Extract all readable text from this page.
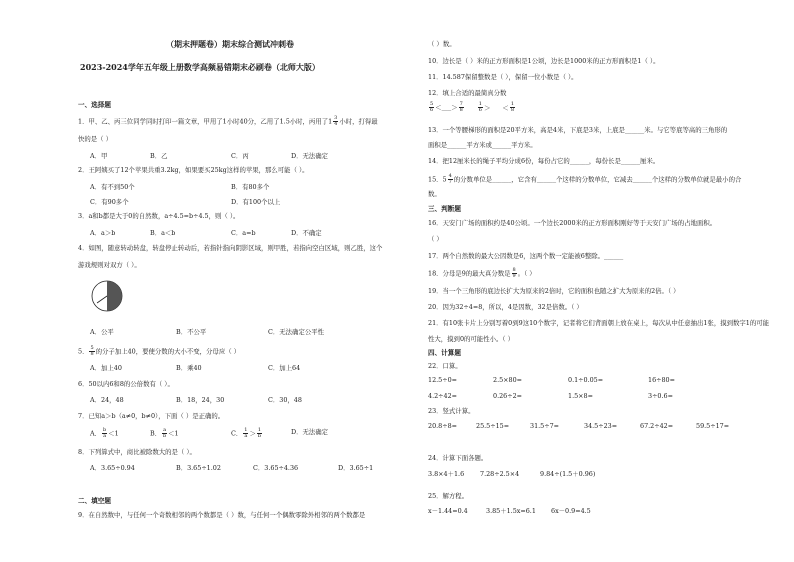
（期末押题卷）期末综合测试冲刺卷
2023-2024学年五年级上册数学高频易错期末必刷卷（北师大版）
一、选择题
1．甲、乙、丙三位同学同时打印一篇文章，甲用了1小时40分，乙用了1.5小时，丙用了$1 \frac{3}{4}$ 小时，打得最
快的是（ ）
A．甲	B．乙	C．丙	D．无法确定
2．王阿姨买了12个苹果共重3.2kg，如果要买25kg这样的苹果，那么可能（ ）。
A．有不到50个	B．有80多个
C．有90多个	D．有100个以上
3．a和b都是大于0的自然数，a÷4.5=b÷4.5，则（ ）。
A．a＞b	B．a＜b	C．a=b	D．不确定
4．如图，随意转动转盘，转盘停止转动后，若指针指向阴影区域，则甲胜，若指向空白区域，则乙胜，这个
游戏规则对双方（ ）。
A．公平	B．不公平	C．无法确定公平性
5． $\frac{5}{8}$ 的分子加上40，要使分数的大小不变，分母应（ ）
A．加上40	B．乘40	C．加上64
6．50以内6和8的公倍数有（ ）。
A．24，48	B．18，24，30	C．30，48
7．已知a＞b（a≠0，b≠0），下面（ ）是正确的。
A． $\frac{b}{a} <1$	B． $\frac{a}{b} <1$	C． $\frac{1}{a} > \frac{1}{b}$	D．无法确定
8．下列算式中，商比被除数大的是（ ）。
A．3.65÷0.94	B．3.65÷1.02	C．3.65÷4.36	D．3.65÷1
二、填空题
9．在自然数中，与任何一个奇数相邻的两个数都是（ ）数，与任何一个偶数零除外相邻的两个数都是
（ ）数。
10．边长是（ ）米的正方形面积是1公顷，边长是1000米的正方形面积是1（ ）。
11．14.587保留整数是（ ），保留一位小数是（ ）。
12．填上合适的最简真分数
$\frac{5}{6}$ ＜___＞ $\frac{7}{8}$
	$\frac{1}{6}$ ＞ ＜ $\frac{1}{8}$
13．一个等腰梯形的面积是20平方米，高是4米，下底是3米，上底是______米。与它等底等高的三角形的
面积是______平方米或______平方米。
14．把12厘米长的绳子平均分成6份，每份占它的______，每份长是______厘米。
15．$5 \frac{4}{7}$ 的分数单位是______，它含有______个这样的分数单位，它减去______个这样的分数单位就是最小的合
数。
三、判断题
16．天安门广场的面积约是40公顷。一个边长2000米的正方形面积刚好等于天安门广场的占地面积。
（ ）
17．两个自然数的最大公因数是6，这两个数一定能被6整除。______
18．分母是9的最大真分数是 $\frac{8}{9}$ 。（ ）
19．当一个三角形的底边长扩大为原来的2倍时，它的面积也随之扩大为原来的2倍。（ ）
20．因为32÷4=8，所以，4是因数，32是倍数。（ ）
21．有10张卡片上分别写着0到9这10个数字，记者将它们背面朝上放在桌上，每次从中任意抽出1张，摸到数字1的可能
性大，摸到0的可能性小。（ ）
四、计算题
22．口算。
12.5÷0=	2.5×80=	0.1÷0.05=	16÷80=
4.2÷42=	0.26÷2=	1.5×8=	3÷0.6=
23．竖式计算。
20.8÷8=	25.5÷15=	31.5÷7=	34.5÷23=	67.2÷42=	59.5÷17=
24．计算下面各题。
3.8×4＋1.6 7.28÷2.5×4	9.84÷(1.5＋0.96)
25．解方程。
x－1.44=0.4	3.85＋1.5x=6.1 6x－0.9=4.5
